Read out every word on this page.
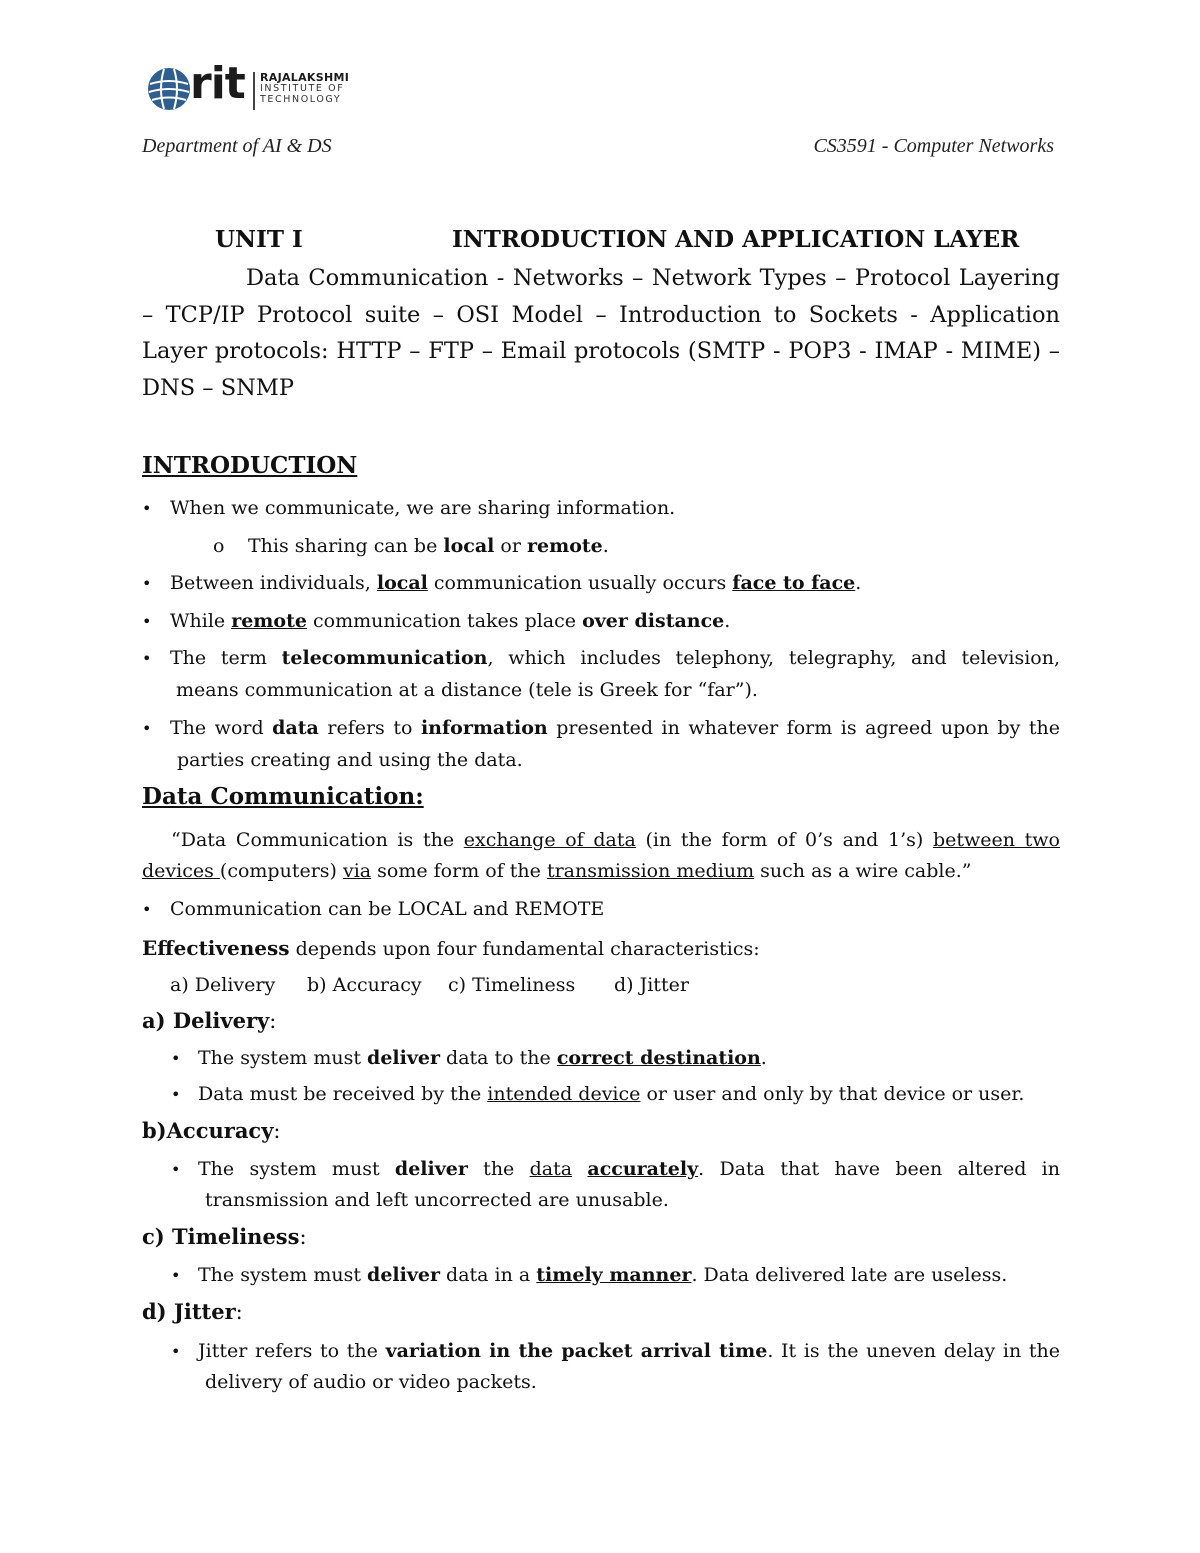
rit RAJALAKSHMI
INSTITUTE OF
TECHNOLOGY
Department of AI & DS	CS3591 - Computer Networks
UNIT I	INTRODUCTION AND APPLICATION LAYER
Data Communication - Networks – Network Types – Protocol Layering – TCP/IP Protocol suite – OSI Model – Introduction to Sockets - Application Layer protocols: HTTP – FTP – Email protocols (SMTP - POP3 - IMAP - MIME) – DNS – SNMP
INTRODUCTION
• When we communicate, we are sharing information.
o This sharing can be local or remote.
• Between individuals, local communication usually occurs face to face.
• While remote communication takes place over distance.
• The term telecommunication, which includes telephony, telegraphy, and television,
means communication at a distance (tele is Greek for “far”).
• The word data refers to information presented in whatever form is agreed upon by the
parties creating and using the data.
Data Communication:
“Data Communication is the exchange of data (in the form of 0’s and 1’s) between two
devices (computers) via some form of the transmission medium such as a wire cable.”
• Communication can be LOCAL and REMOTE
Effectiveness depends upon four fundamental characteristics:
a) Delivery b) Accuracy c) Timeliness d) Jitter
a) Delivery:
• The system must deliver data to the correct destination.
• Data must be received by the intended device or user and only by that device or user.
b)Accuracy:
• The system must deliver the data accurately. Data that have been altered in
transmission and left uncorrected are unusable.
c) Timeliness:
• The system must deliver data in a timely manner. Data delivered late are useless.
d) Jitter:
• Jitter refers to the variation in the packet arrival time. It is the uneven delay in the
delivery of audio or video packets.
